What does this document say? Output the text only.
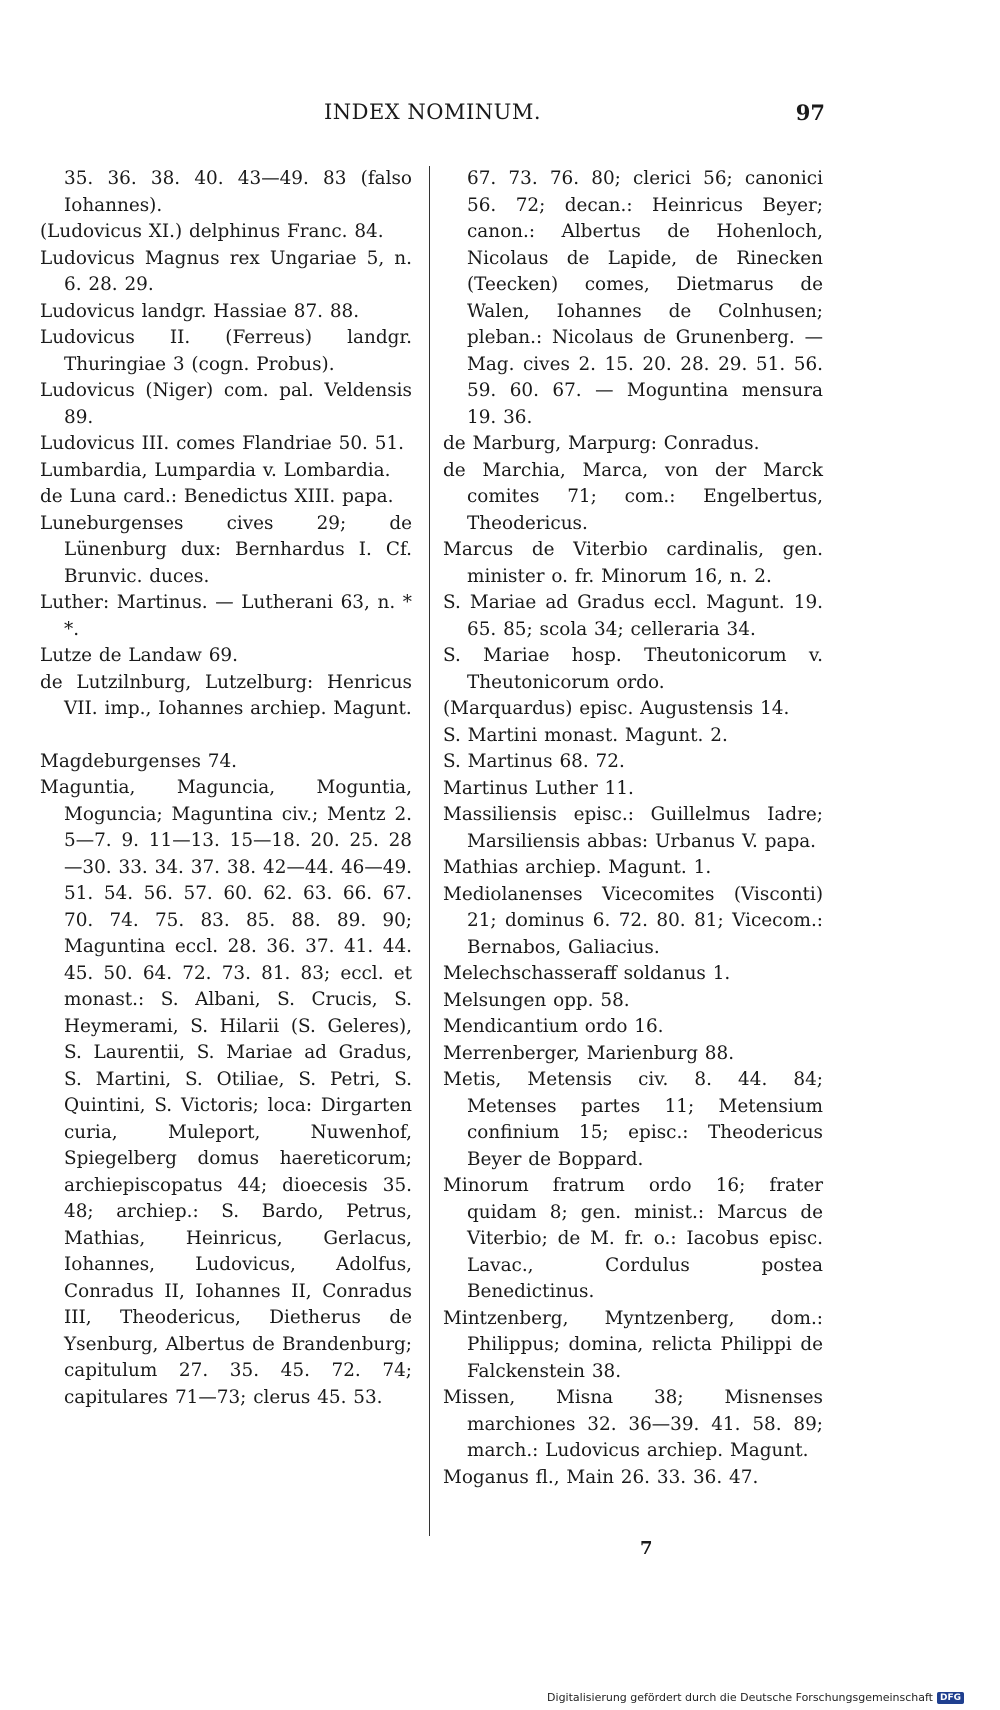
INDEX NOMINUM.	97
35. 36. 38. 40. 43—49. 83 (falso Iohannes).
(Ludovicus XI.) delphinus Franc. 84.
Ludovicus Magnus rex Ungariae 5, n. 6. 28. 29.
Ludovicus landgr. Hassiae 87. 88.
Ludovicus II. (Ferreus) landgr. Thuringiae 3 (cogn. Probus).
Ludovicus (Niger) com. pal. Veldensis 89.
Ludovicus III. comes Flandriae 50. 51.
Lumbardia, Lumpardia v. Lombardia.
de Luna card.: Benedictus XIII. papa.
Luneburgenses cives 29; de Lünenburg dux: Bernhardus I. Cf. Brunvic. duces.
Luther: Martinus. — Lutherani 63, n. * *.
Lutze de Landaw 69.
de Lutzilnburg, Lutzelburg: Henricus VII. imp., Iohannes archiep. Magunt.
Magdeburgenses 74.
Maguntia, Maguncia, Moguntia, Moguncia; Maguntina civ.; Mentz 2. 5—7. 9. 11—13. 15—18. 20. 25. 28—30. 33. 34. 37. 38. 42—44. 46—49. 51. 54. 56. 57. 60. 62. 63. 66. 67. 70. 74. 75. 83. 85. 88. 89. 90; Maguntina eccl. 28. 36. 37. 41. 44. 45. 50. 64. 72. 73. 81. 83; eccl. et monast.: S. Albani, S. Crucis, S. Heymerami, S. Hilarii (S. Geleres), S. Laurentii, S. Mariae ad Gradus, S. Martini, S. Otiliae, S. Petri, S. Quintini, S. Victoris; loca: Dirgarten curia, Muleport, Nuwenhof, Spiegelberg domus haereticorum; archiepiscopatus 44; dioecesis 35. 48; archiep.: S. Bardo, Petrus, Mathias, Heinricus, Gerlacus, Iohannes, Ludovicus, Adolfus, Conradus II, Iohannes II, Conradus III, Theodericus, Dietherus de Ysenburg, Albertus de Brandenburg; capitulum 27. 35. 45. 72. 74; capitulares 71—73; clerus 45. 53.
67. 73. 76. 80; clerici 56; canonici 56. 72; decan.: Heinricus Beyer; canon.: Albertus de Hohenloch, Nicolaus de Lapide, de Rinecken (Teecken) comes, Dietmarus de Walen, Iohannes de Colnhusen; pleban.: Nicolaus de Grunenberg. — Mag. cives 2. 15. 20. 28. 29. 51. 56. 59. 60. 67. — Moguntina mensura 19. 36.
de Marburg, Marpurg: Conradus.
de Marchia, Marca, von der Marck comites 71; com.: Engelbertus, Theodericus.
Marcus de Viterbio cardinalis, gen. minister o. fr. Minorum 16, n. 2.
S. Mariae ad Gradus eccl. Magunt. 19. 65. 85; scola 34; celleraria 34.
S. Mariae hosp. Theutonicorum v. Theutonicorum ordo.
(Marquardus) episc. Augustensis 14.
S. Martini monast. Magunt. 2.
S. Martinus 68. 72.
Martinus Luther 11.
Massiliensis episc.: Guillelmus Iadre; Marsiliensis abbas: Urbanus V. papa.
Mathias archiep. Magunt. 1.
Mediolanenses Vicecomites (Visconti) 21; dominus 6. 72. 80. 81; Vicecom.: Bernabos, Galiacius.
Melechschasseraff soldanus 1.
Melsungen opp. 58.
Mendicantium ordo 16.
Merrenberger, Marienburg 88.
Metis, Metensis civ. 8. 44. 84; Metenses partes 11; Metensium confinium 15; episc.: Theodericus Beyer de Boppard.
Minorum fratrum ordo 16; frater quidam 8; gen. minist.: Marcus de Viterbio; de M. fr. o.: Iacobus episc. Lavac., Cordulus postea Benedictinus.
Mintzenberg, Myntzenberg, dom.: Philippus; domina, relicta Philippi de Falckenstein 38.
Missen, Misna 38; Misnenses marchiones 32. 36—39. 41. 58. 89; march.: Ludovicus archiep. Magunt.
Moganus fl., Main 26. 33. 36. 47.
7
Digitalisierung gefördert durch die Deutsche Forschungsgemeinschaft DFG
